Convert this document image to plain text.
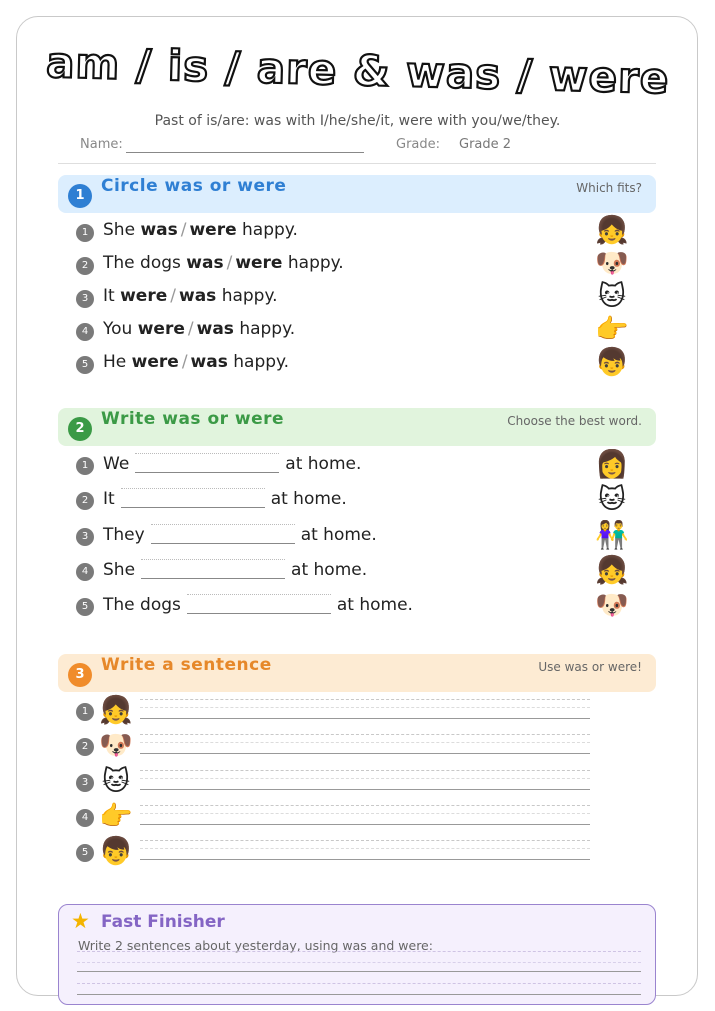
am / is / are & was / were
Past of is/are: was with I/he/she/it, were with you/we/they.
Name:	Grade: Grade 2
1 Circle was or were	Which fits?
1 She was / were happy.	👧
2 The dogs was / were happy.	🐶
3 It were / was happy.	🐱
4 You were / was happy.	👉
5 He were / was happy.	👦
2 Write was or were	Choose the best word.
1 We	at home.	👩
2 It	at home.	🐱
3 They	at home.	👫
4 She	at home.	👧
5 The dogs	at home.	🐶
3 Write a sentence	Use was or were!
1 👧
2 🐶
3 🐱
4 👉
5 👦
★ Fast Finisher
Write 2 sentences about yesterday, using was and were:
